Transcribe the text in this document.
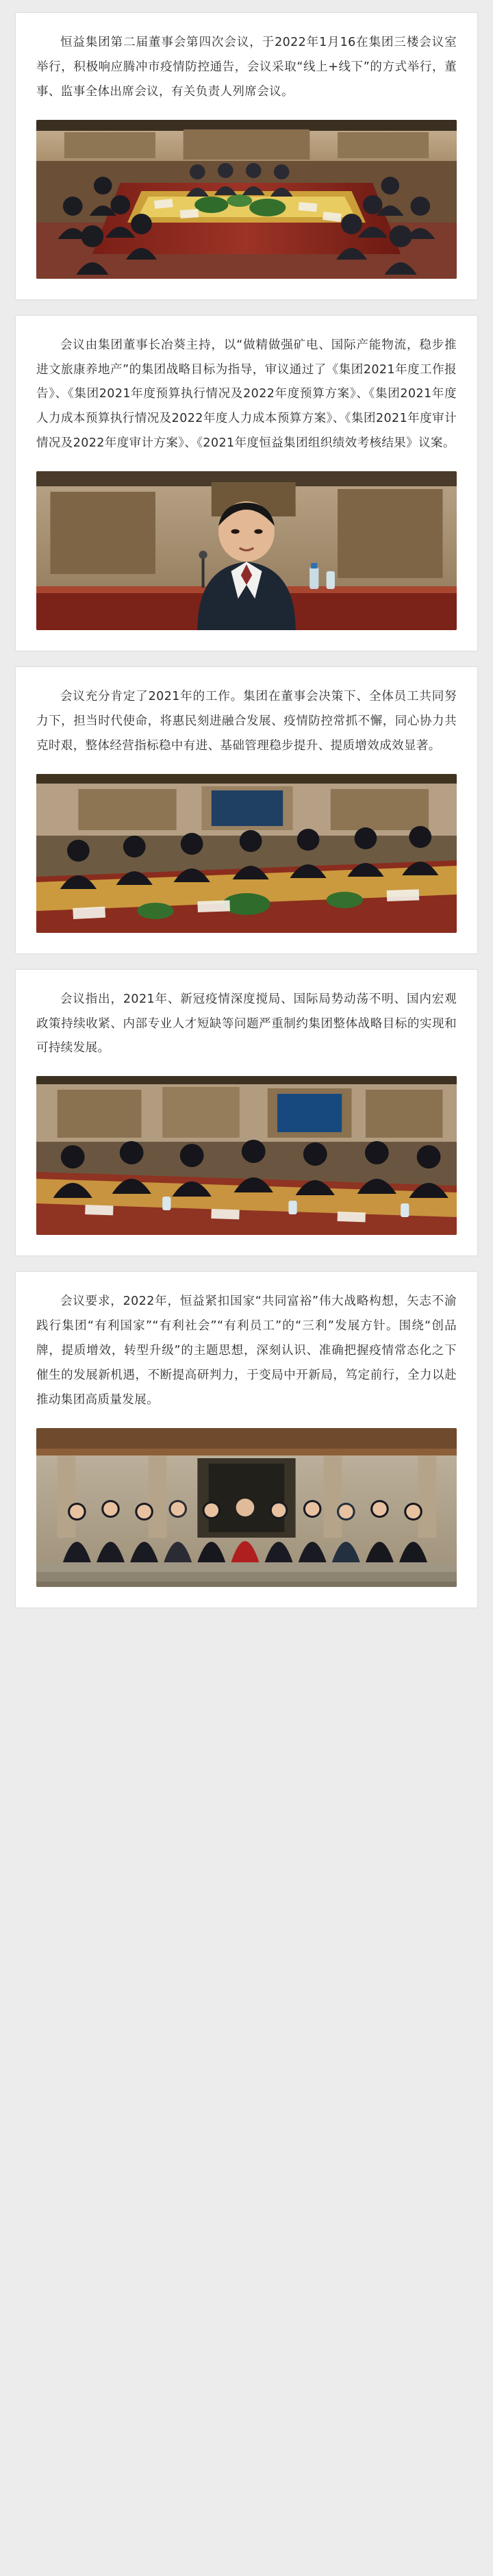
恒益集团第二届董事会第四次会议，于2022年1月16在集团三楼会议室举行，积极响应腾冲市疫情防控通告，会议采取“线上+线下”的方式举行，董事、监事全体出席会议，有关负责人列席会议。

会议由集团董事长冶葵主持，以“做精做强矿电、国际产能物流，稳步推进文旅康养地产”的集团战略目标为指导，审议通过了《集团2021年度工作报告》、《集团2021年度预算执行情况及2022年度预算方案》、《集团2021年度人力成本预算执行情况及2022年度人力成本预算方案》、《集团2021年度审计情况及2022年度审计方案》、《2021年度恒益集团组织绩效考核结果》议案。

会议充分肯定了2021年的工作。集团在董事会决策下、全体员工共同努力下，担当时代使命，将惠民刻进融合发展、疫情防控常抓不懈，同心协力共克时艰，整体经营指标稳中有进、基础管理稳步提升、提质增效成效显著。

会议指出，2021年、新冠疫情深度搅局、国际局势动荡不明、国内宏观政策持续收紧、内部专业人才短缺等问题严重制约集团整体战略目标的实现和可持续发展。

会议要求，2022年，恒益紧扣国家“共同富裕”伟大战略构想，矢志不渝践行集团“有利国家”“有利社会”“有利员工”的“三利”发展方针。围绕“创品牌，提质增效，转型升级”的主题思想，深刻认识、准确把握疫情常态化之下催生的发展新机遇，不断提高研判力，于变局中开新局，笃定前行，全力以赴推动集团高质量发展。
